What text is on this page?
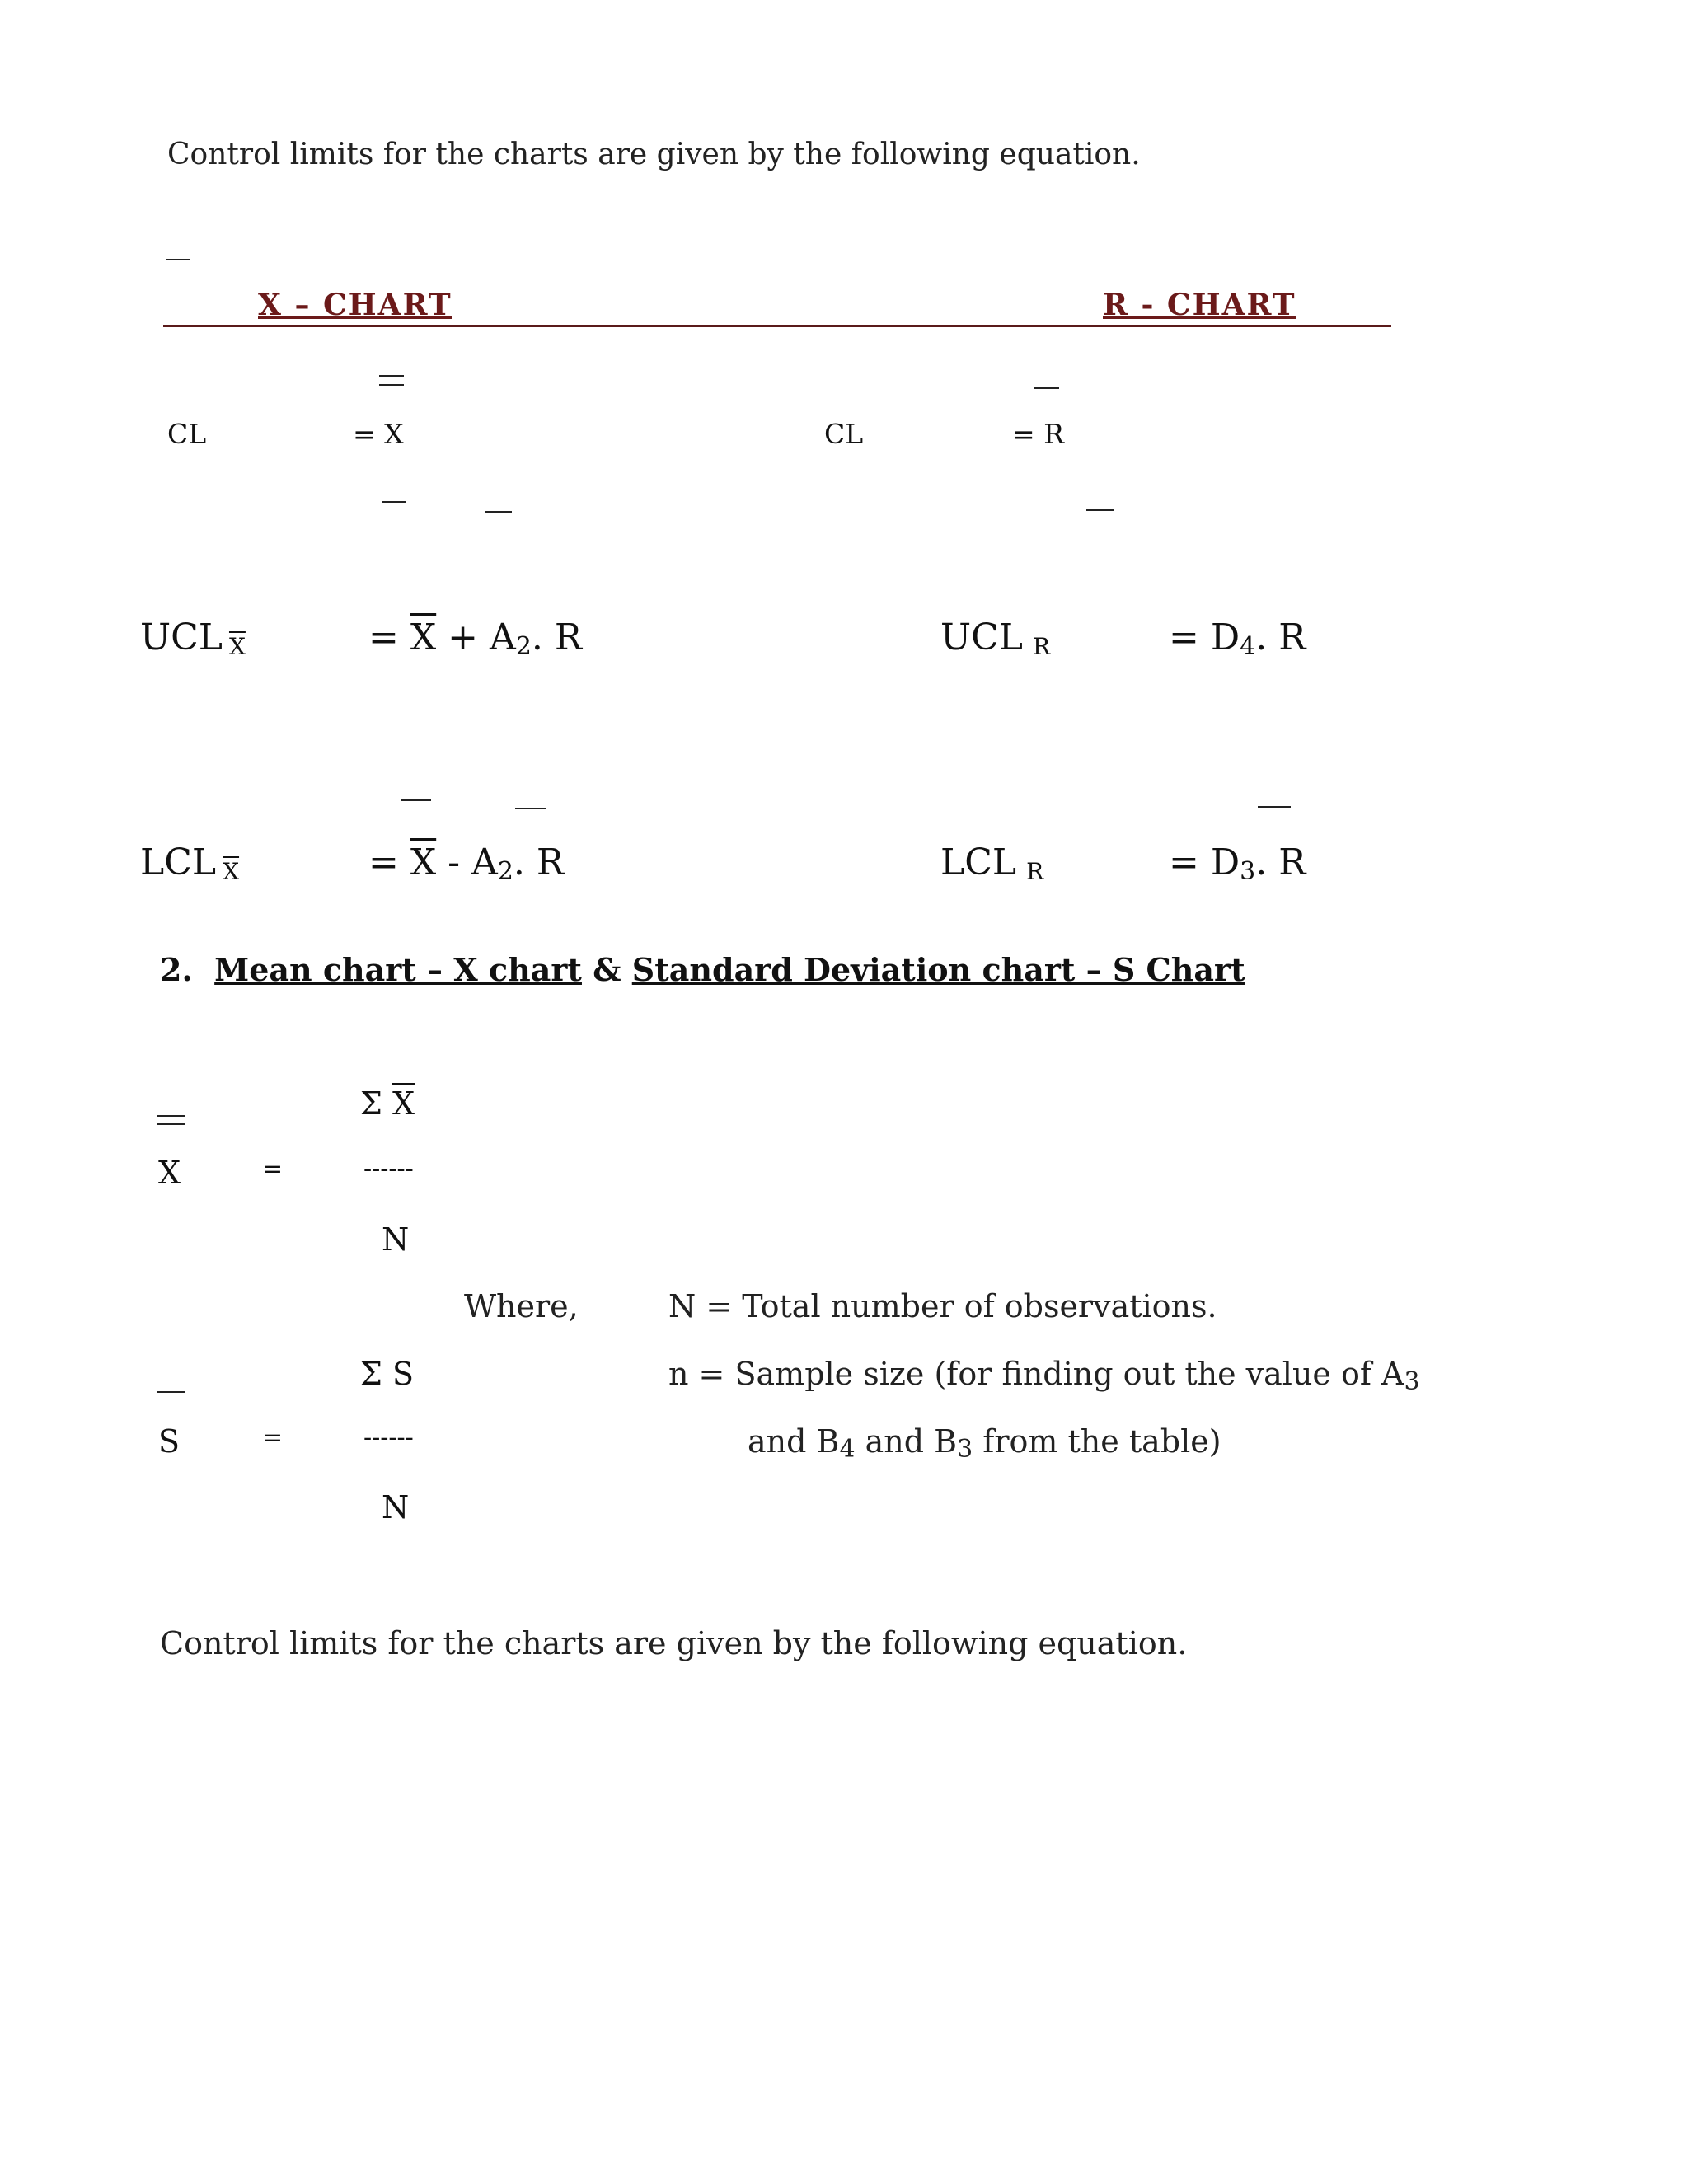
Control limits for the charts are given by the following equation.
X – CHART	R - CHART
CL	= X	CL	= R
UCL $_{\overline{X}}$	= $\overline{X} + A2$. R	UCL $_R$	= D4. R
LCL $_{\overline{X}}$	= $\overline{X} - A2$. R	LCL $_R$	= D3. R
2. Mean chart – X chart & Standard Deviation chart – S Chart
Σ $\overline{X}$
X	=	------
N
Where,	N = Total number of observations.
Σ S	n = Sample size (for finding out the value of A3
S	=	------	and B4 and B3 from the table)
N
Control limits for the charts are given by the following equation.
